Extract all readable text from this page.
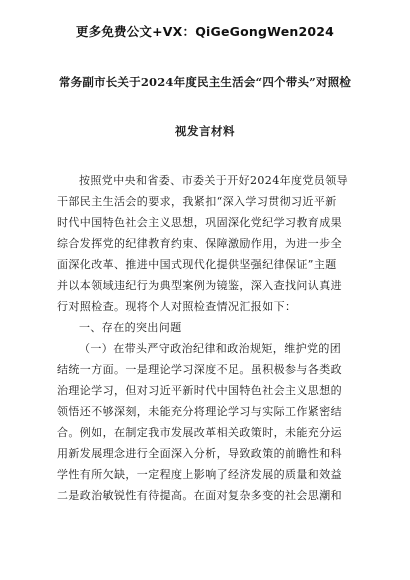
更多免费公文+VX：QiGeGongWen2024
常务副市长关于2024年度民主生活会“四个带头”对照检
视发言材料
按照党中央和省委、市委关于开好2024年度党员领导
干部民主生活会的要求，我紧扣“深入学习贯彻习近平新
时代中国特色社会主义思想，巩固深化党纪学习教育成果
综合发挥党的纪律教育约束、保障激励作用，为进一步全
面深化改革、推进中国式现代化提供坚强纪律保证”主题
并以本领域违纪行为典型案例为镜鉴，深入查找问认真进
行对照检查。现将个人对照检查情况汇报如下：
一、存在的突出问题
（一）在带头严守政治纪律和政治规矩，维护党的团
结统一方面。一是理论学习深度不足。虽积极参与各类政
治理论学习，但对习近平新时代中国特色社会主义思想的
领悟还不够深刻，未能充分将理论学习与实际工作紧密结
合。例如，在制定我市发展改革相关政策时，未能充分运
用新发展理念进行全面深入分析，导致政策的前瞻性和科
学性有所欠缺，一定程度上影响了经济发展的质量和效益
二是政治敏锐性有待提高。在面对复杂多变的社会思潮和
